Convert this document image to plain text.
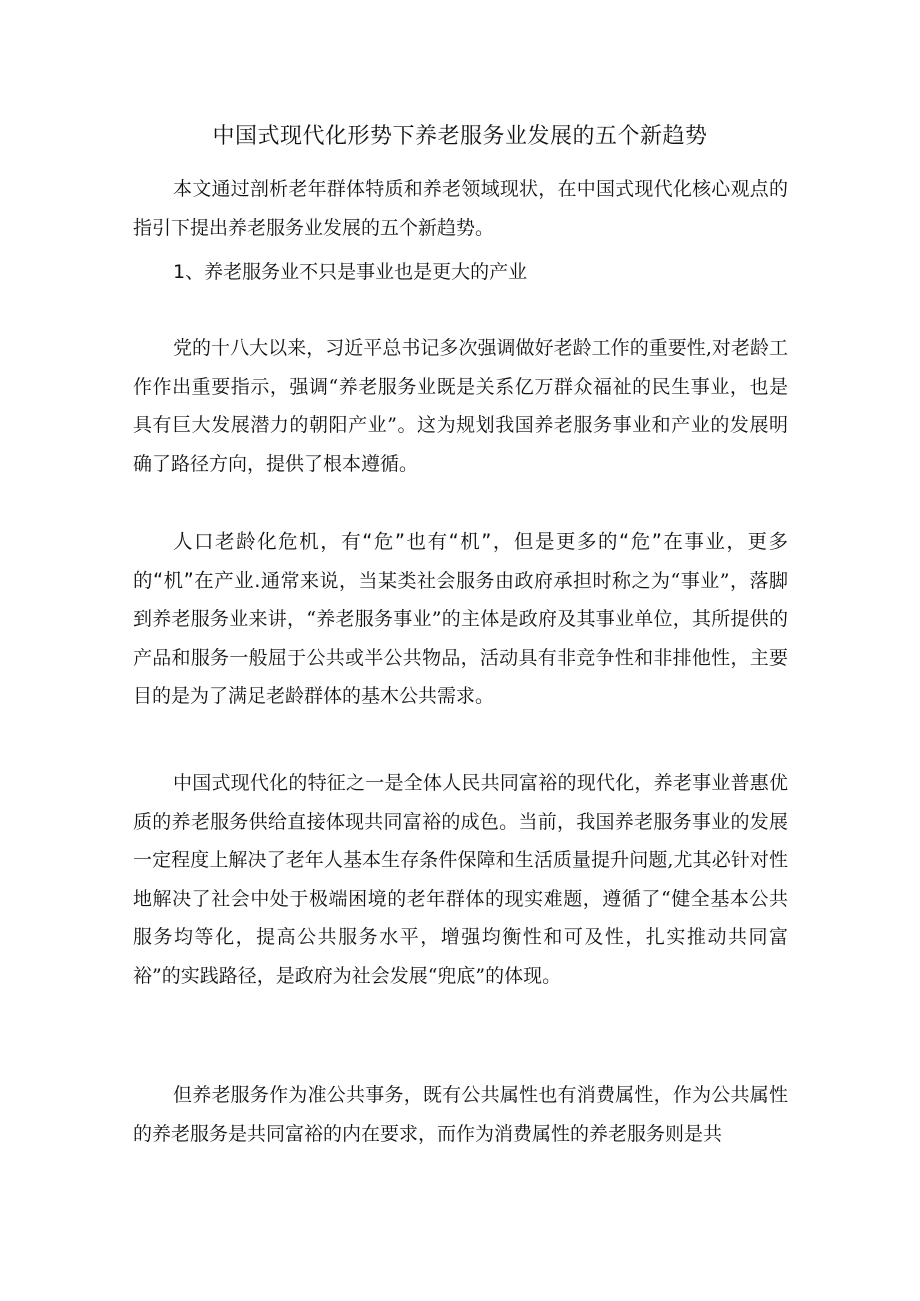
中国式现代化形势下养老服务业发展的五个新趋势

本文通过剖析老年群体特质和养老领域现状，在中国式现代化核心观点的指引下提出养老服务业发展的五个新趋势。

1、养老服务业不只是事业也是更大的产业

党的十八大以来，习近平总书记多次强调做好老龄工作的重要性,对老龄工作作出重要指示，强调“养老服务业既是关系亿万群众福祉的民生事业，也是具有巨大发展潜力的朝阳产业”。这为规划我国养老服务事业和产业的发展明确了路径方向，提供了根本遵循。

人口老龄化危机，有“危”也有“机”，但是更多的“危”在事业，更多的“机”在产业.通常来说，当某类社会服务由政府承担时称之为“事业”，落脚到养老服务业来讲，“养老服务事业”的主体是政府及其事业单位，其所提供的产品和服务一般屈于公共或半公共物品，活动具有非竞争性和非排他性，主要目的是为了满足老龄群体的基木公共需求。

中国式现代化的特征之一是全体人民共同富裕的现代化，养老事业普惠优质的养老服务供给直接体现共同富裕的成色。当前，我国养老服务事业的发展一定程度上解决了老年人基本生存条件保障和生活质量提升问题,尤其必针对性地解决了社会中处于极端困境的老年群体的现实难题，遵循了“健全基本公共服务均等化，提高公共服务水平，增强均衡性和可及性，扎实推动共同富裕”的实践路径，是政府为社会发展“兜底”的体现。

但养老服务作为准公共事务，既有公共属性也有消费属性，作为公共属性的养老服务是共同富裕的内在要求，而作为消费属性的养老服务则是共
